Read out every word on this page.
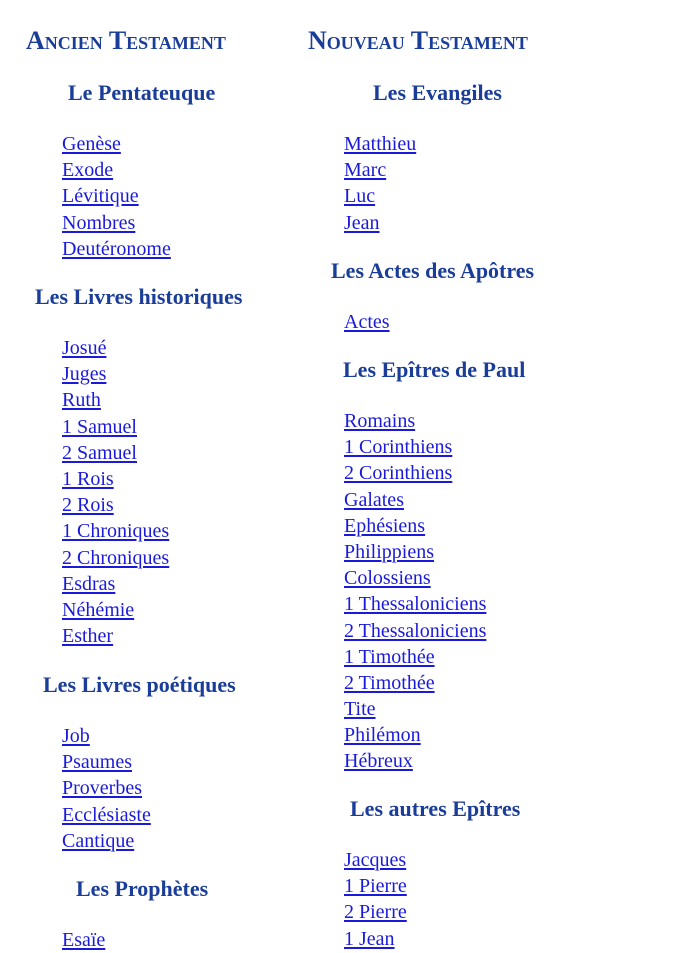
Ancien Testament
Le Pentateuque
Genèse
Exode
Lévitique
Nombres
Deutéronome
Les Livres historiques
Josué
Juges
Ruth
1 Samuel
2 Samuel
1 Rois
2 Rois
1 Chroniques
2 Chroniques
Esdras
Néhémie
Esther
Les Livres poétiques
Job
Psaumes
Proverbes
Ecclésiaste
Cantique
Les Prophètes
Esaïe
Nouveau Testament
Les Evangiles
Matthieu
Marc
Luc
Jean
Les Actes des Apôtres
Actes
Les Epîtres de Paul
Romains
1 Corinthiens
2 Corinthiens
Galates
Ephésiens
Philippiens
Colossiens
1 Thessaloniciens
2 Thessaloniciens
1 Timothée
2 Timothée
Tite
Philémon
Hébreux
Les autres Epîtres
Jacques
1 Pierre
2 Pierre
1 Jean
